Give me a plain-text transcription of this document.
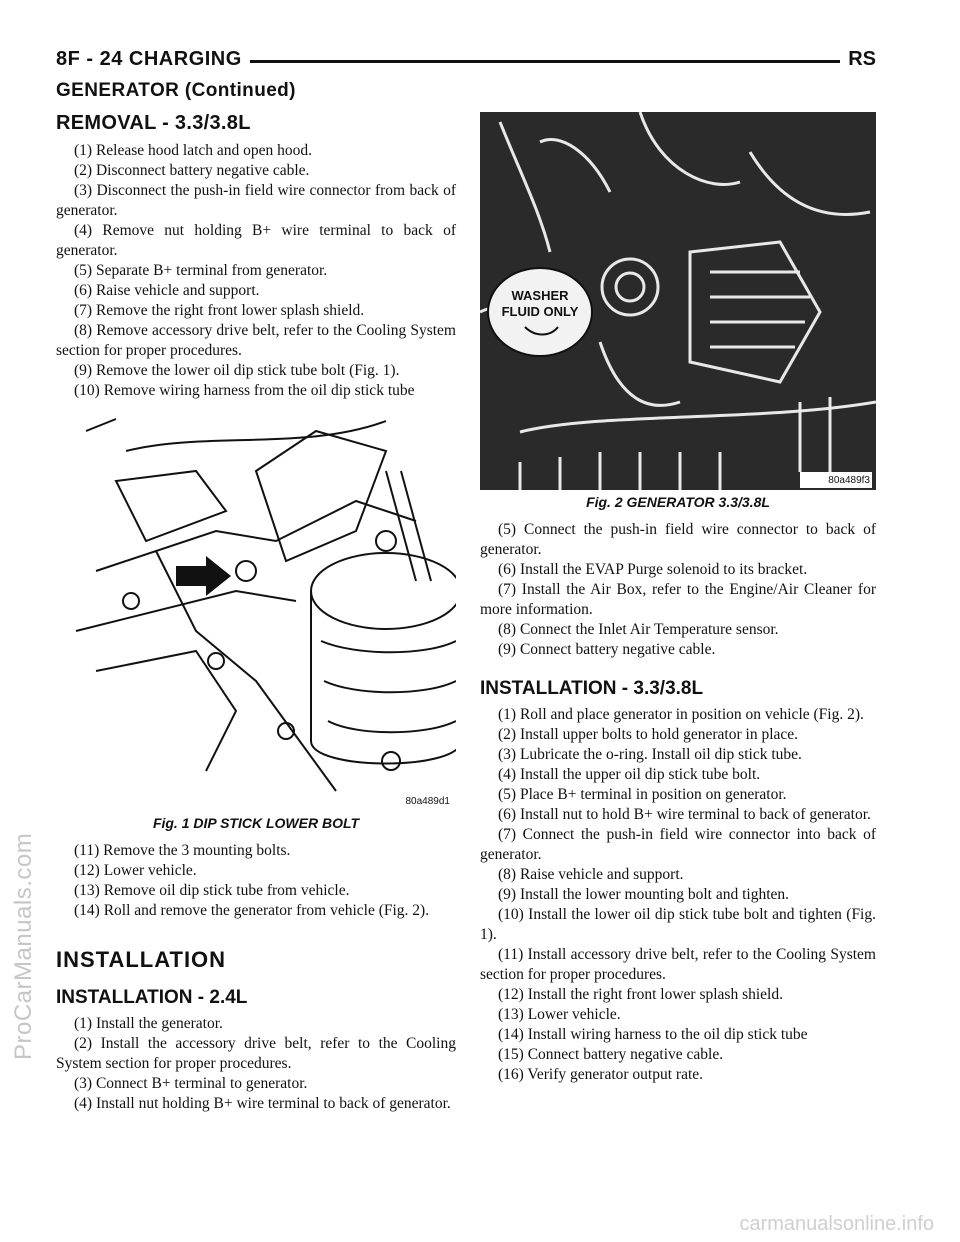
8F - 24 CHARGING	RS
GENERATOR (Continued)
REMOVAL - 3.3/3.8L

(1) Release hood latch and open hood.

(2) Disconnect battery negative cable.

(3) Disconnect the push-in field wire connector from back of generator.

(4) Remove nut holding B+ wire terminal to back of generator.

(5) Separate B+ terminal from generator.

(6) Raise vehicle and support.

(7) Remove the right front lower splash shield.

(8) Remove accessory drive belt, refer to the Cooling System section for proper procedures.

(9) Remove the lower oil dip stick tube bolt (Fig. 1).

(10) Remove wiring harness from the oil dip stick tube

80a489d1
Fig. 1 DIP STICK LOWER BOLT

(11) Remove the 3 mounting bolts.

(12) Lower vehicle.

(13) Remove oil dip stick tube from vehicle.

(14) Roll and remove the generator from vehicle (Fig. 2).

INSTALLATION
INSTALLATION - 2.4L

(1) Install the generator.

(2) Install the accessory drive belt, refer to the Cooling System section for proper procedures.

(3) Connect B+ terminal to generator.

(4) Install nut holding B+ wire terminal to back of generator.

WASHER
FLUID ONLY
80a489f3
Fig. 2 GENERATOR 3.3/3.8L

(5) Connect the push-in field wire connector to back of generator.

(6) Install the EVAP Purge solenoid to its bracket.

(7) Install the Air Box, refer to the Engine/Air Cleaner for more information.

(8) Connect the Inlet Air Temperature sensor.

(9) Connect battery negative cable.

INSTALLATION - 3.3/3.8L

(1) Roll and place generator in position on vehicle (Fig. 2).

(2) Install upper bolts to hold generator in place.

(3) Lubricate the o-ring. Install oil dip stick tube.

(4) Install the upper oil dip stick tube bolt.

(5) Place B+ terminal in position on generator.

(6) Install nut to hold B+ wire terminal to back of generator.

(7) Connect the push-in field wire connector into back of generator.

(8) Raise vehicle and support.

(9) Install the lower mounting bolt and tighten.

(10) Install the lower oil dip stick tube bolt and tighten (Fig. 1).

(11) Install accessory drive belt, refer to the Cooling System section for proper procedures.

(12) Install the right front lower splash shield.

(13) Lower vehicle.

(14) Install wiring harness to the oil dip stick tube

(15) Connect battery negative cable.

(16) Verify generator output rate.

ProCarManuals.com
carmanualsonline.info
